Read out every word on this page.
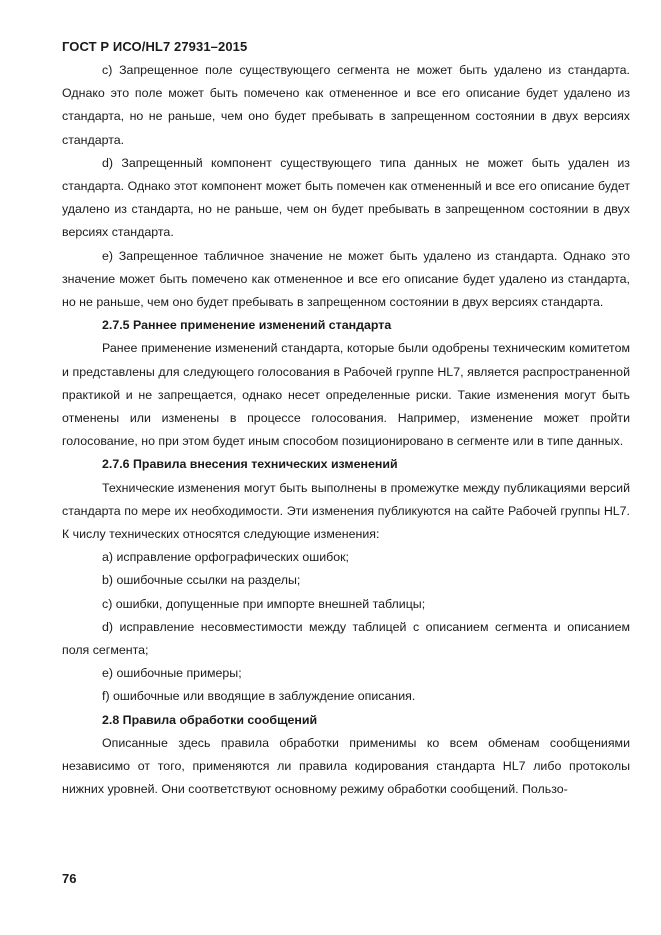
ГОСТ Р ИСО/HL7 27931–2015

c) Запрещенное поле существующего сегмента не может быть удалено из стандарта. Однако это поле может быть помечено как отмененное и все его описание будет удалено из стандарта, но не раньше, чем оно будет пребывать в запрещенном состоянии в двух версиях стандарта.

d) Запрещенный компонент существующего типа данных не может быть удален из стандарта. Однако этот компонент может быть помечен как отмененный и все его описание будет удалено из стандарта, но не раньше, чем он будет пребывать в запрещенном состоянии в двух версиях стандарта.

e) Запрещенное табличное значение не может быть удалено из стандарта. Однако это значение может быть помечено как отмененное и все его описание будет удалено из стандарта, но не раньше, чем оно будет пребывать в запрещенном состоянии в двух версиях стандарта.

2.7.5 Раннее применение изменений стандарта

Ранее применение изменений стандарта, которые были одобрены техническим комитетом и представлены для следующего голосования в Рабочей группе HL7, является распространенной практикой и не запрещается, однако несет определенные риски. Такие изменения могут быть отменены или изменены в процессе голосования. Например, изменение может пройти голосование, но при этом будет иным способом позиционировано в сегменте или в типе данных.

2.7.6 Правила внесения технических изменений

Технические изменения могут быть выполнены в промежутке между публикациями версий стандарта по мере их необходимости. Эти изменения публикуются на сайте Рабочей группы HL7. К числу технических относятся следующие изменения:

a) исправление орфографических ошибок;

b) ошибочные ссылки на разделы;

c) ошибки, допущенные при импорте внешней таблицы;

d) исправление несовместимости между таблицей с описанием сегмента и описанием поля сегмента;

e) ошибочные примеры;

f) ошибочные или вводящие в заблуждение описания.

2.8 Правила обработки сообщений

Описанные здесь правила обработки применимы ко всем обменам сообщениями независимо от того, применяются ли правила кодирования стандарта HL7 либо протоколы нижних уровней. Они соответствуют основному режиму обработки сообщений. Пользо-

76
